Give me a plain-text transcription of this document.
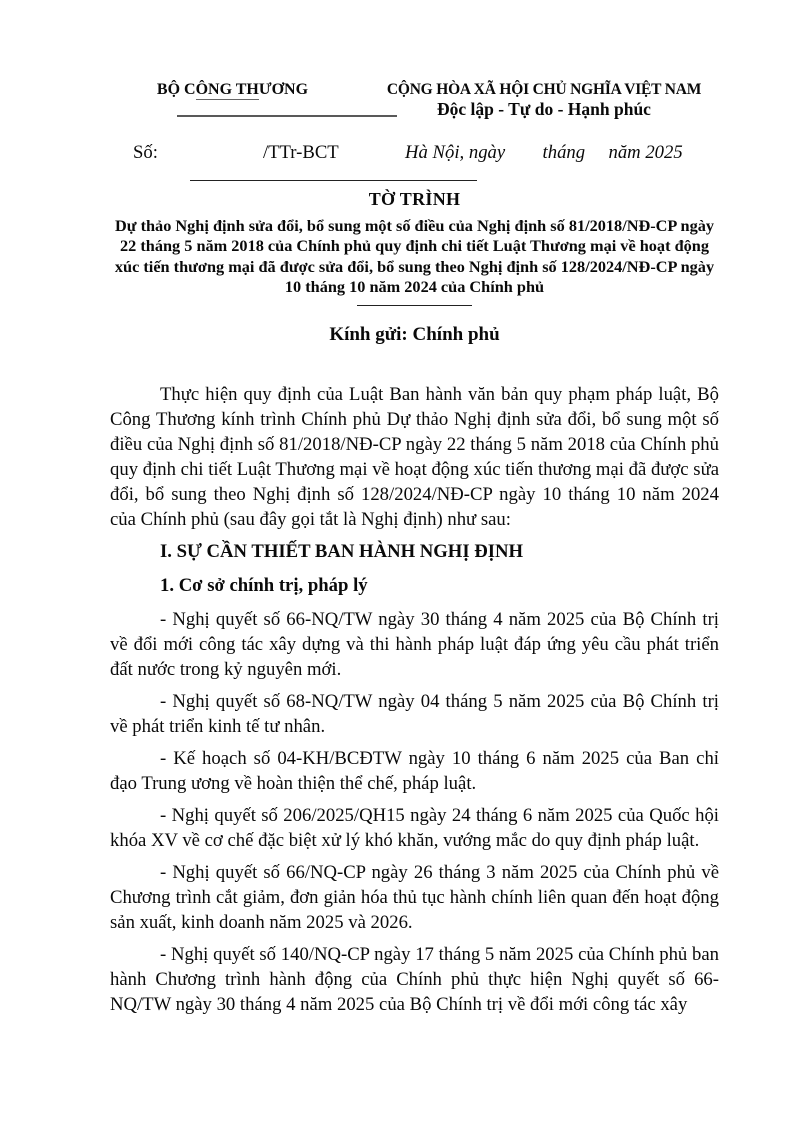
BỘ CÔNG THƯƠNG	CỘNG HÒA XÃ HỘI CHỦ NGHĨA VIỆT NAM
Độc lập - Tự do - Hạnh phúc
Số:	/TTr-BCT	Hà Nội, ngày        tháng     năm 2025
TỜ TRÌNH
Dự thảo Nghị định sửa đổi, bổ sung một số điều của Nghị định số 81/2018/NĐ-CP ngày 22 tháng 5 năm 2018 của Chính phủ quy định chi tiết Luật Thương mại về hoạt động xúc tiến thương mại đã được sửa đổi, bổ sung theo Nghị định số 128/2024/NĐ-CP ngày 10 tháng 10 năm 2024 của Chính phủ
Kính gửi: Chính phủ

Thực hiện quy định của Luật Ban hành văn bản quy phạm pháp luật, Bộ Công Thương kính trình Chính phủ Dự thảo Nghị định sửa đổi, bổ sung một số điều của Nghị định số 81/2018/NĐ-CP ngày 22 tháng 5 năm 2018 của Chính phủ quy định chi tiết Luật Thương mại về hoạt động xúc tiến thương mại đã được sửa đổi, bổ sung theo Nghị định số 128/2024/NĐ-CP ngày 10 tháng 10 năm 2024 của Chính phủ (sau đây gọi tắt là Nghị định) như sau:

I. SỰ CẦN THIẾT BAN HÀNH NGHỊ ĐỊNH

1. Cơ sở chính trị, pháp lý

- Nghị quyết số 66-NQ/TW ngày 30 tháng 4 năm 2025 của Bộ Chính trị về đổi mới công tác xây dựng và thi hành pháp luật đáp ứng yêu cầu phát triển đất nước trong kỷ nguyên mới.

- Nghị quyết số 68-NQ/TW ngày 04 tháng 5 năm 2025 của Bộ Chính trị về phát triển kinh tế tư nhân.

- Kế hoạch số 04-KH/BCĐTW ngày 10 tháng 6 năm 2025 của Ban chỉ đạo Trung ương về hoàn thiện thể chế, pháp luật.

- Nghị quyết số 206/2025/QH15 ngày 24 tháng 6 năm 2025 của Quốc hội khóa XV về cơ chế đặc biệt xử lý khó khăn, vướng mắc do quy định pháp luật.

- Nghị quyết số 66/NQ-CP ngày 26 tháng 3 năm 2025 của Chính phủ về Chương trình cắt giảm, đơn giản hóa thủ tục hành chính liên quan đến hoạt động sản xuất, kinh doanh năm 2025 và 2026.

- Nghị quyết số 140/NQ-CP ngày 17 tháng 5 năm 2025 của Chính phủ ban hành Chương trình hành động của Chính phủ thực hiện Nghị quyết số 66-NQ/TW ngày 30 tháng 4 năm 2025 của Bộ Chính trị về đổi mới công tác xây
